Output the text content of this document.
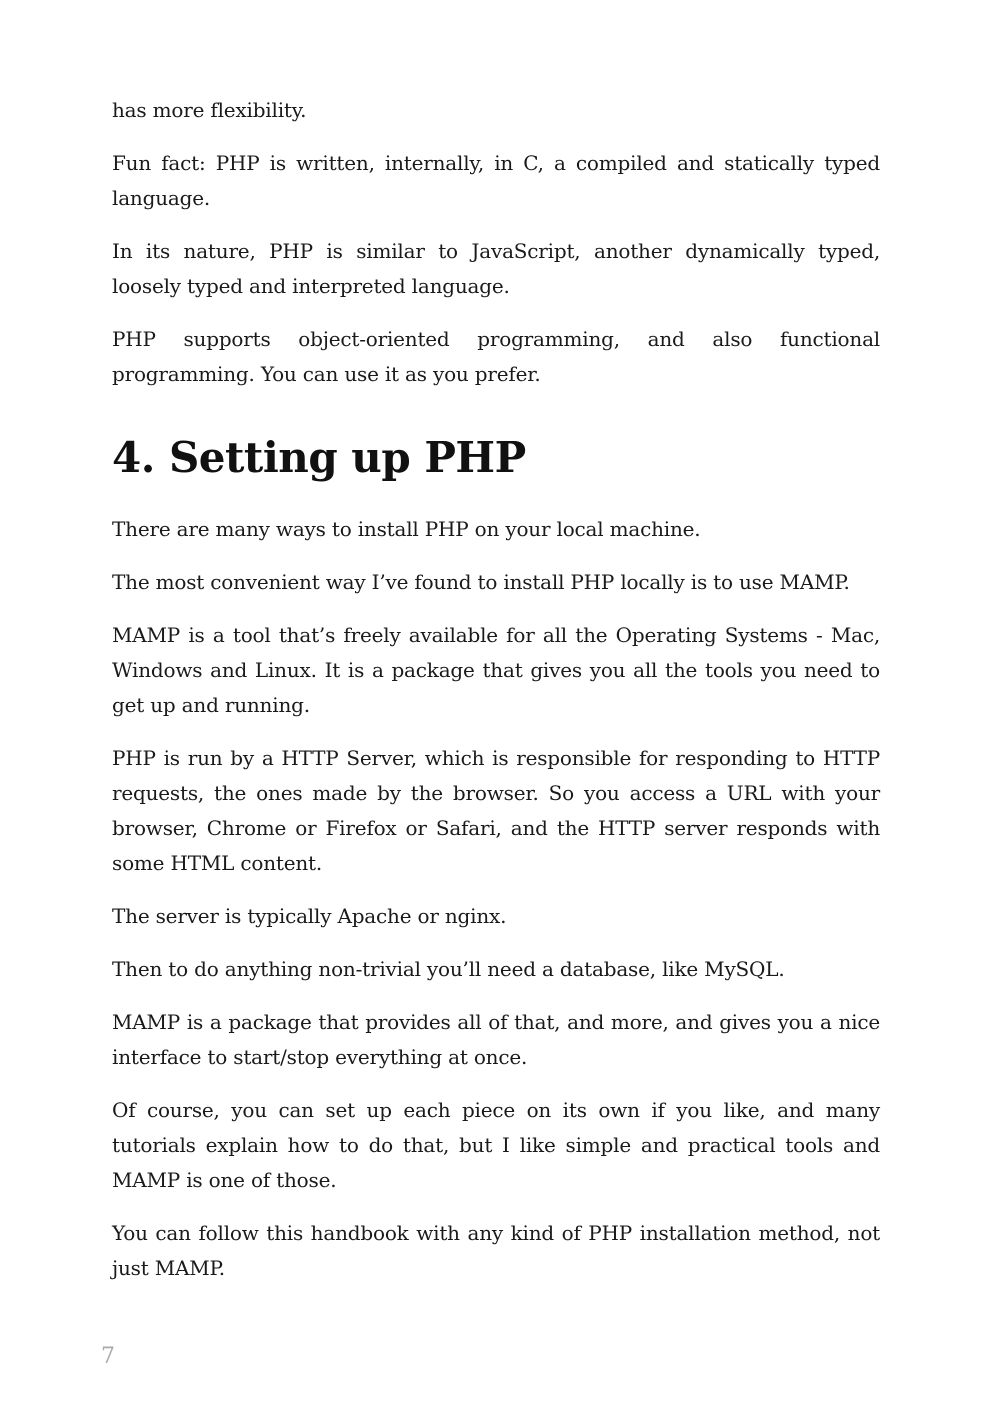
has more flexibility.

Fun fact: PHP is written, internally, in C, a compiled and statically typed language.

In its nature, PHP is similar to JavaScript, another dynamically typed, loosely typed and interpreted language.

PHP supports object-oriented programming, and also functional programming. You can use it as you prefer.

4. Setting up PHP

There are many ways to install PHP on your local machine.

The most convenient way I’ve found to install PHP locally is to use MAMP.

MAMP is a tool that’s freely available for all the Operating Systems - Mac, Windows and Linux. It is a package that gives you all the tools you need to get up and running.

PHP is run by a HTTP Server, which is responsible for responding to HTTP requests, the ones made by the browser. So you access a URL with your browser, Chrome or Firefox or Safari, and the HTTP server responds with some HTML content.

The server is typically Apache or nginx.

Then to do anything non-trivial you’ll need a database, like MySQL.

MAMP is a package that provides all of that, and more, and gives you a nice interface to start/stop everything at once.

Of course, you can set up each piece on its own if you like, and many tutorials explain how to do that, but I like simple and practical tools and MAMP is one of those.

You can follow this handbook with any kind of PHP installation method, not just MAMP.

7
